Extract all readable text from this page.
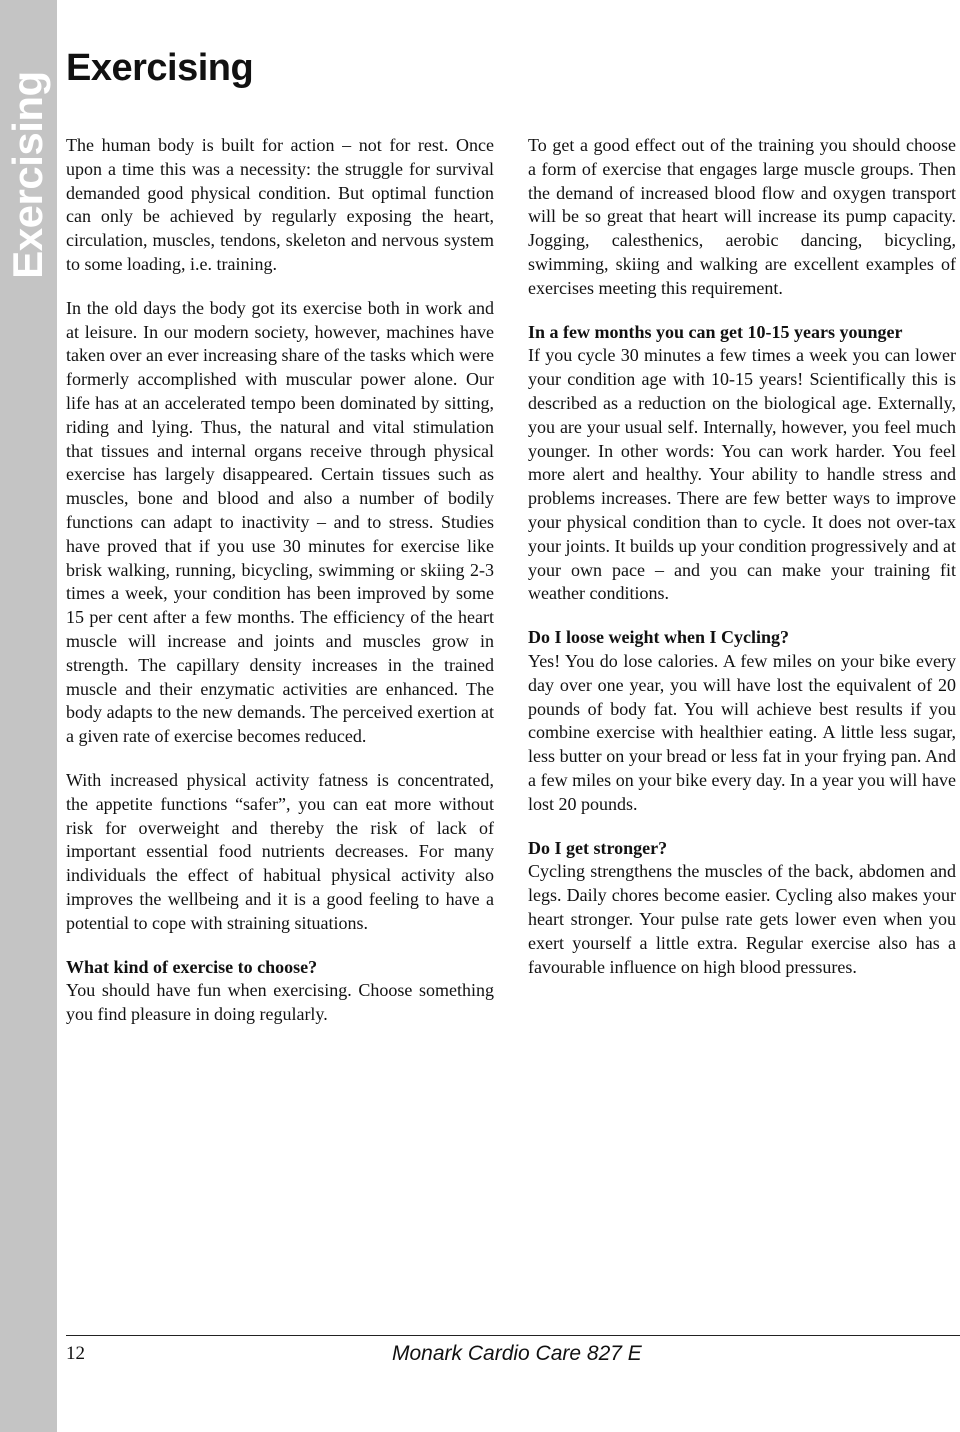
Exercising
Exercising

The human body is built for action – not for rest. Once upon a time this was a necessity: the struggle for survival demanded good physical condition. But optimal function can only be achieved by regularly exposing the heart, circulation, muscles, tendons, skeleton and nervous system to some loading, i.e. training.

In the old days the body got its exercise both in work and at leisure. In our modern society, however, machines have taken over an ever increasing share of the tasks which were formerly accomplished with muscular power alone. Our life has at an accelerated tempo been dominated by sitting, riding and lying. Thus, the natural and vital stimulation that tissues and internal organs receive through physical exercise has largely disappeared. Certain tissues such as muscles, bone and blood and also a number of bodily functions can adapt to inactivity – and to stress. Studies have proved that if you use 30 minutes for exercise like brisk walking, running, bicycling, swimming or skiing 2-3 times a week, your condition has been improved by some 15 per cent after a few months. The efficiency of the heart muscle will increase and joints and muscles grow in strength. The capillary density increases in the trained muscle and their enzymatic activities are enhanced. The body adapts to the new demands. The perceived exertion at a given rate of exercise becomes reduced.

With increased physical activity fatness is concentrated, the appetite functions “safer”, you can eat more without risk for overweight and thereby the risk of lack of important essential food nutrients decreases. For many individuals the effect of habitual physical activity also improves the wellbeing and it is a good feeling to have a potential to cope with straining situations.

What kind of exercise to choose?

You should have fun when exercising. Choose something you find pleasure in doing regularly.

To get a good effect out of the training you should choose a form of exercise that engages large muscle groups. Then the demand of increased blood flow and oxygen transport will be so great that heart will increase its pump capacity. Jogging, calesthenics, aerobic dancing, bicycling, swimming, skiing and walking are excellent examples of exercises meeting this requirement.

In a few months you can get 10-15 years younger

If you cycle 30 minutes a few times a week you can lower your condition age with 10-15 years! Scientifically this is described as a reduction on the biological age. Externally, you are your usual self. Internally, however, you feel much younger. In other words: You can work harder. You feel more alert and healthy. Your ability to handle stress and problems increases. There are few better ways to improve your physical condition than to cycle. It does not over-tax your joints. It builds up your condition progressively and at your own pace – and you can make your training fit weather conditions.

Do I loose weight when I Cycling?

Yes! You do lose calories. A few miles on your bike every day over one year, you will have lost the equivalent of 20 pounds of body fat. You will achieve best results if you combine exercise with healthier eating. A little less sugar, less butter on your bread or less fat in your frying pan. And a few miles on your bike every day. In a year you will have lost 20 pounds.

Do I get stronger?

Cycling strengthens the muscles of the back, abdomen and legs. Daily chores become easier. Cycling also makes your heart stronger. Your pulse rate gets lower even when you exert yourself a little extra. Regular exercise also has a favourable influence on high blood pressures.

12	Monark Cardio Care 827 E
